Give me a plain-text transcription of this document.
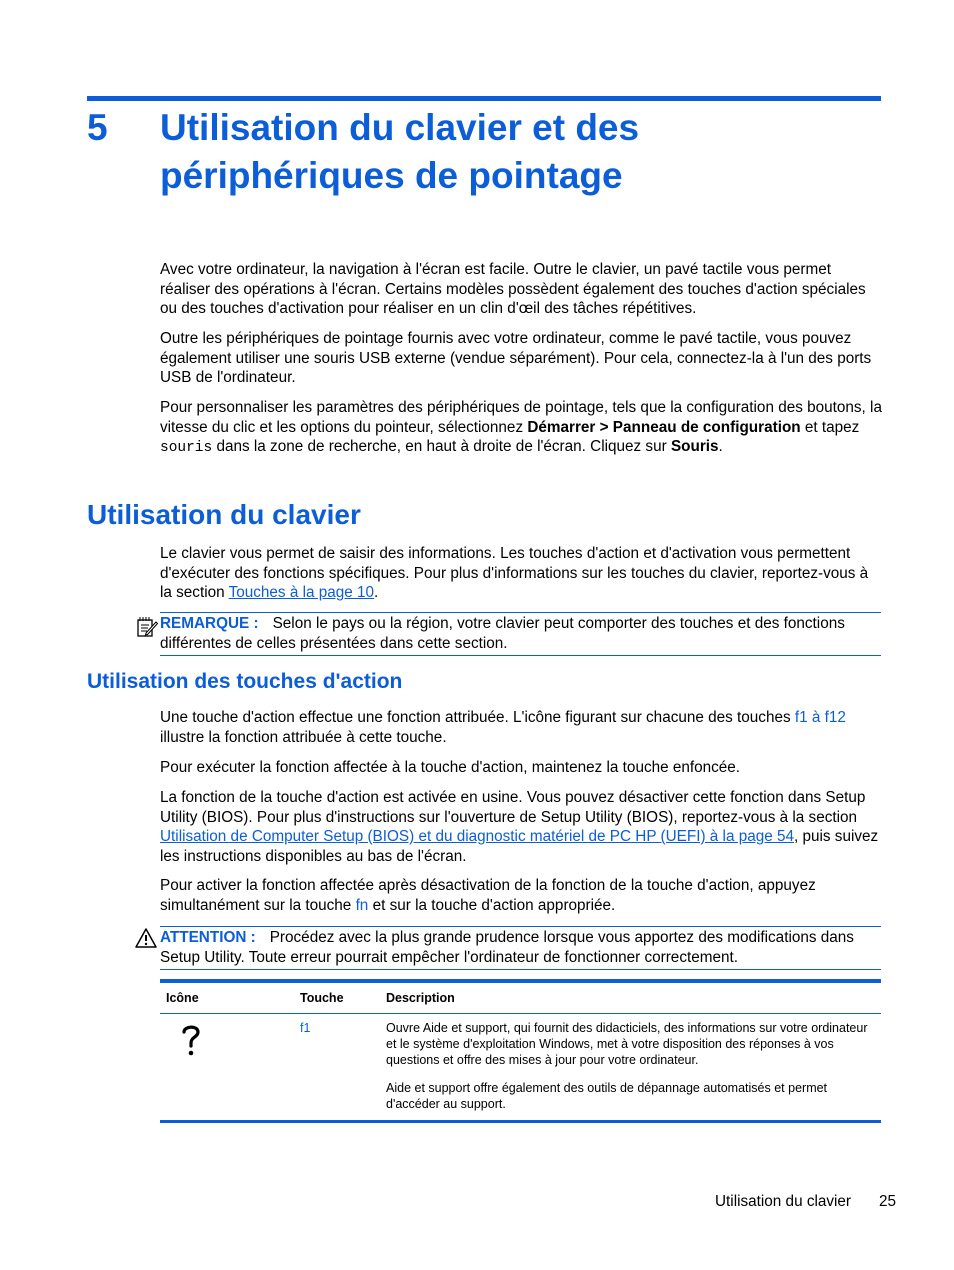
5 Utilisation du clavier et des
périphériques de pointage

Avec votre ordinateur, la navigation à l'écran est facile. Outre le clavier, un pavé tactile vous permet réaliser des opérations à l'écran. Certains modèles possèdent également des touches d'action spéciales ou des touches d'activation pour réaliser en un clin d'œil des tâches répétitives.

Outre les périphériques de pointage fournis avec votre ordinateur, comme le pavé tactile, vous pouvez également utiliser une souris USB externe (vendue séparément). Pour cela, connectez-la à l'un des ports USB de l'ordinateur.

Pour personnaliser les paramètres des périphériques de pointage, tels que la configuration des boutons, la vitesse du clic et les options du pointeur, sélectionnez Démarrer > Panneau de configuration et tapez souris dans la zone de recherche, en haut à droite de l'écran. Cliquez sur Souris.

Utilisation du clavier

Le clavier vous permet de saisir des informations. Les touches d'action et d'activation vous permettent d'exécuter des fonctions spécifiques. Pour plus d'informations sur les touches du clavier, reportez-vous à la section Touches à la page 10.

REMARQUE : Selon le pays ou la région, votre clavier peut comporter des touches et des fonctions différentes de celles présentées dans cette section.
Utilisation des touches d'action

Une touche d'action effectue une fonction attribuée. L'icône figurant sur chacune des touches f1 à f12 illustre la fonction attribuée à cette touche.

Pour exécuter la fonction affectée à la touche d'action, maintenez la touche enfoncée.

La fonction de la touche d'action est activée en usine. Vous pouvez désactiver cette fonction dans Setup Utility (BIOS). Pour plus d'instructions sur l'ouverture de Setup Utility (BIOS), reportez-vous à la section Utilisation de Computer Setup (BIOS) et du diagnostic matériel de PC HP (UEFI) à la page 54, puis suivez les instructions disponibles au bas de l'écran.

Pour activer la fonction affectée après désactivation de la fonction de la touche d'action, appuyez simultanément sur la touche fn et sur la touche d'action appropriée.

ATTENTION : Procédez avec la plus grande prudence lorsque vous apportez des modifications dans Setup Utility. Toute erreur pourrait empêcher l'ordinateur de fonctionner correctement.
Icône	Touche	Description
	f1	Ouvre Aide et support, qui fournit des didacticiels, des informations sur votre ordinateur et le système d'exploitation Windows, met à votre disposition des réponses à vos questions et offre des mises à jour pour votre ordinateur.

Aide et support offre également des outils de dépannage automatisés et permet d'accéder au support.

Utilisation du clavier 25
